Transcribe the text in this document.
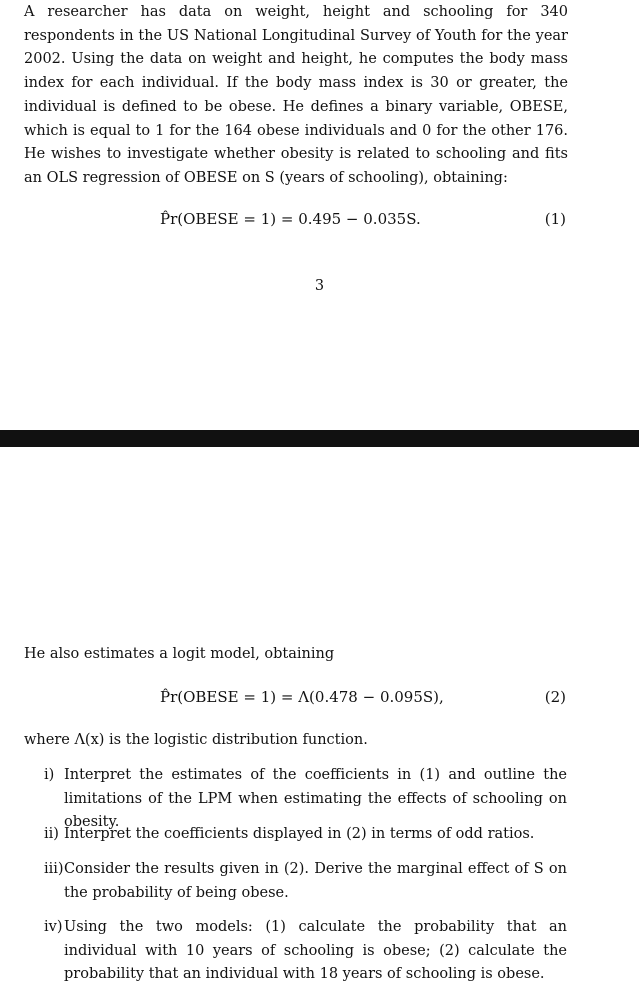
A researcher has data on weight, height and schooling for 340 respondents in the US National Longitudinal Survey of Youth for the year 2002. Using the data on weight and height, he computes the body mass index for each individual. If the body mass index is 30 or greater, the individual is defined to be obese. He defines a binary variable, OBESE, which is equal to 1 for the 164 obese individuals and 0 for the other 176. He wishes to investigate whether obesity is related to schooling and fits an OLS regression of OBESE on S (years of schooling), obtaining:

P̂r(OBESE = 1) = 0.495 − 0.035S.	(1)
3

He also estimates a logit model, obtaining

P̂r(OBESE = 1) = Λ(0.478 − 0.095S),	(2)

where Λ(x) is the logistic distribution function.

i) Interpret the estimates of the coefficients in (1) and outline the limitations of the LPM when estimating the effects of schooling on obesity.
ii) Interpret the coefficients displayed in (2) in terms of odd ratios.
iii) Consider the results given in (2). Derive the marginal effect of S on the probability of being obese.
iv) Using the two models: (1) calculate the probability that an individual with 10 years of schooling is obese; (2) calculate the probability that an individual with 18 years of schooling is obese.
